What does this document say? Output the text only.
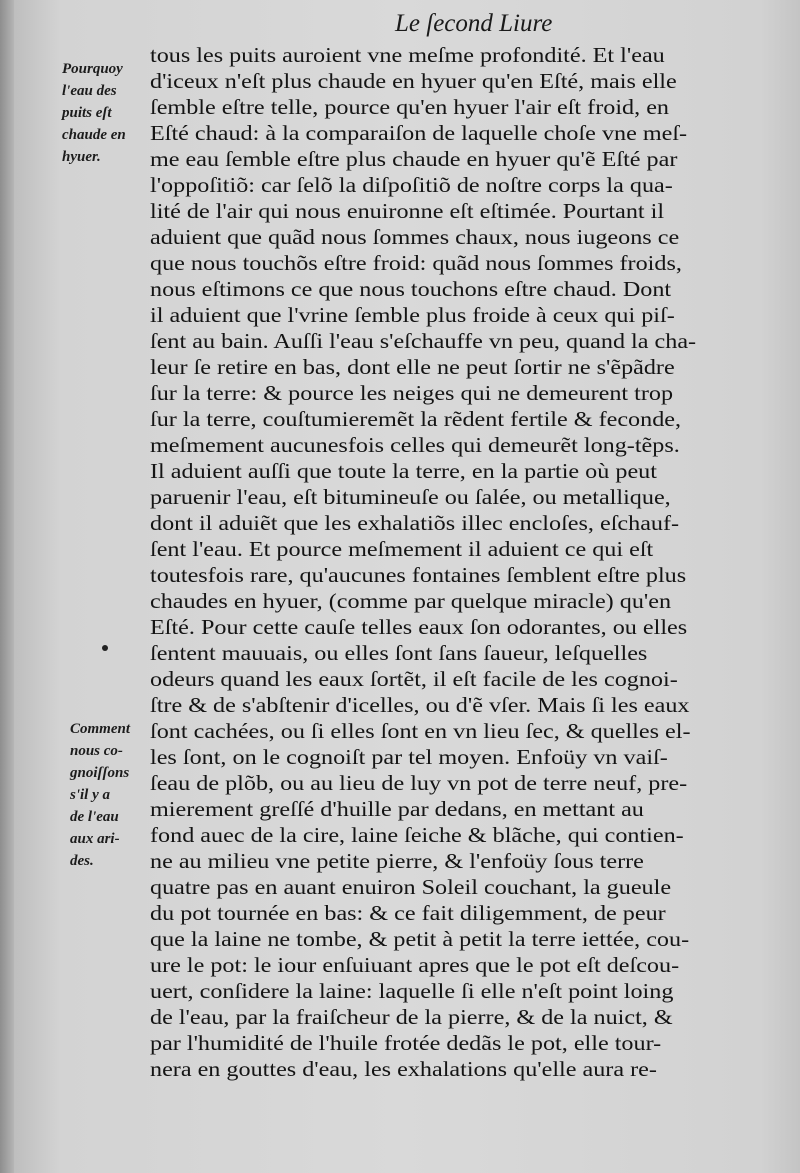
Le ſecond Liure
Pourquoy
l'eau des
puits eſt
chaude en
hyuer.
Comment
nous co-
gnoiſſons
s'il y a
de l'eau
aux ari-
des.
tous les puits auroient vne meſme profondité. Et l'eau
d'iceux n'eſt plus chaude en hyuer qu'en Eſté, mais elle
ſemble eſtre telle, pource qu'en hyuer l'air eſt froid, en
Eſté chaud: à la comparaiſon de laquelle choſe vne meſ-
me eau ſemble eſtre plus chaude en hyuer qu'ẽ Eſté par
l'oppoſitiõ: car ſelõ la diſpoſitiõ de noſtre corps la qua-
lité de l'air qui nous enuironne eſt eſtimée. Pourtant il
aduient que quãd nous ſommes chaux, nous iugeons ce
que nous touchõs eſtre froid: quãd nous ſommes froids,
nous eſtimons ce que nous touchons eſtre chaud. Dont
il aduient que l'vrine ſemble plus froide à ceux qui piſ-
ſent au bain. Auſſi l'eau s'eſchauffe vn peu, quand la cha-
leur ſe retire en bas, dont elle ne peut ſortir ne s'ẽpãdre
ſur la terre: & pource les neiges qui ne demeurent trop
ſur la terre, couſtumieremẽt la rẽdent fertile & feconde,
meſmement aucunesfois celles qui demeurẽt long-tẽps.
Il aduient auſſi que toute la terre, en la partie où peut
paruenir l'eau, eſt bitumineuſe ou ſalée, ou metallique,
dont il aduiẽt que les exhalatiõs illec encloſes, eſchauf-
ſent l'eau. Et pource meſmement il aduient ce qui eſt
toutesfois rare, qu'aucunes fontaines ſemblent eſtre plus
chaudes en hyuer, (comme par quelque miracle) qu'en
Eſté. Pour cette cauſe telles eaux ſon odorantes, ou elles
ſentent mauuais, ou elles ſont ſans ſaueur, leſquelles
odeurs quand les eaux ſortẽt, il eſt facile de les cognoi-
ſtre & de s'abſtenir d'icelles, ou d'ẽ vſer. Mais ſi les eaux
ſont cachées, ou ſi elles ſont en vn lieu ſec, & quelles el-
les ſont, on le cognoiſt par tel moyen. Enfoüy vn vaiſ-
ſeau de plõb, ou au lieu de luy vn pot de terre neuf, pre-
mierement greſſé d'huille par dedans, en mettant au
fond auec de la cire, laine ſeiche & blãche, qui contien-
ne au milieu vne petite pierre, & l'enfoüy ſous terre
quatre pas en auant enuiron Soleil couchant, la gueule
du pot tournée en bas: & ce fait diligemment, de peur
que la laine ne tombe, & petit à petit la terre iettée, cou-
ure le pot: le iour enſuiuant apres que le pot eſt deſcou-
uert, conſidere la laine: laquelle ſi elle n'eſt point loing
de l'eau, par la fraiſcheur de la pierre, & de la nuict, &
par l'humidité de l'huile frotée dedãs le pot, elle tour-
nera en gouttes d'eau, les exhalations qu'elle aura re-
